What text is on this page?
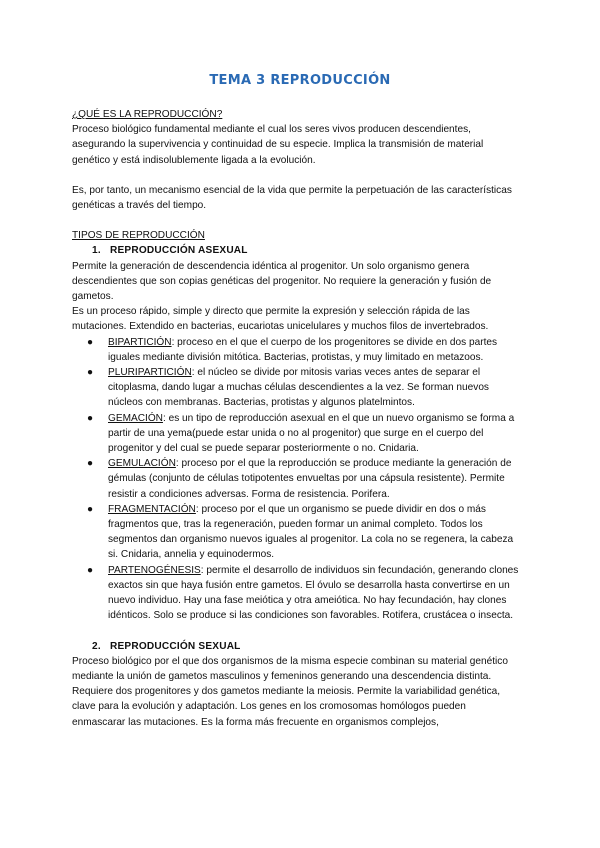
TEMA 3 REPRODUCCIÓN

¿QUÉ ES LA REPRODUCCIÓN?

Proceso biológico fundamental mediante el cual los seres vivos producen descendientes, asegurando la supervivencia y continuidad de su especie. Implica la transmisión de material genético y está indisolublemente ligada a la evolución.

Es, por tanto, un mecanismo esencial de la vida que permite la perpetuación de las características genéticas a través del tiempo.

TIPOS DE REPRODUCCIÓN

1. REPRODUCCIÓN ASEXUAL

Permite la generación de descendencia idéntica al progenitor. Un solo organismo genera descendientes que son copias genéticas del progenitor. No requiere la generación y fusión de gametos.

Es un proceso rápido, simple y directo que permite la expresión y selección rápida de las mutaciones. Extendido en bacterias, eucariotas unicelulares y muchos filos de invertebrados.

● BIPARTICIÓN: proceso en el que el cuerpo de los progenitores se divide en dos partes iguales mediante división mitótica. Bacterias, protistas, y muy limitado en metazoos.
● PLURIPARTICIÓN: el núcleo se divide por mitosis varias veces antes de separar el citoplasma, dando lugar a muchas células descendientes a la vez. Se forman nuevos núcleos con membranas. Bacterias, protistas y algunos platelmintos.
● GEMACIÓN: es un tipo de reproducción asexual en el que un nuevo organismo se forma a partir de una yema(puede estar unida o no al progenitor) que surge en el cuerpo del progenitor y del cual se puede separar posteriormente o no. Cnidaria.
● GEMULACIÓN: proceso por el que la reproducción se produce mediante la generación de gémulas (conjunto de células totipotentes envueltas por una cápsula resistente). Permite resistir a condiciones adversas. Forma de resistencia. Porifera.
● FRAGMENTACIÓN: proceso por el que un organismo se puede dividir en dos o más fragmentos que, tras la regeneración, pueden formar un animal completo. Todos los segmentos dan organismo nuevos iguales al progenitor. La cola no se regenera, la cabeza si. Cnidaria, annelia y equinodermos.
● PARTENOGÉNESIS: permite el desarrollo de individuos sin fecundación, generando clones exactos sin que haya fusión entre gametos. El óvulo se desarrolla hasta convertirse en un nuevo individuo. Hay una fase meiótica y otra ameiótica. No hay fecundación, hay clones idénticos. Solo se produce si las condiciones son favorables. Rotifera, crustácea o insecta.

2. REPRODUCCIÓN SEXUAL

Proceso biológico por el que dos organismos de la misma especie combinan su material genético mediante la unión de gametos masculinos y femeninos generando una descendencia distinta.

Requiere dos progenitores y dos gametos mediante la meiosis. Permite la variabilidad genética, clave para la evolución y adaptación. Los genes en los cromosomas homólogos pueden enmascarar las mutaciones. Es la forma más frecuente en organismos complejos,
